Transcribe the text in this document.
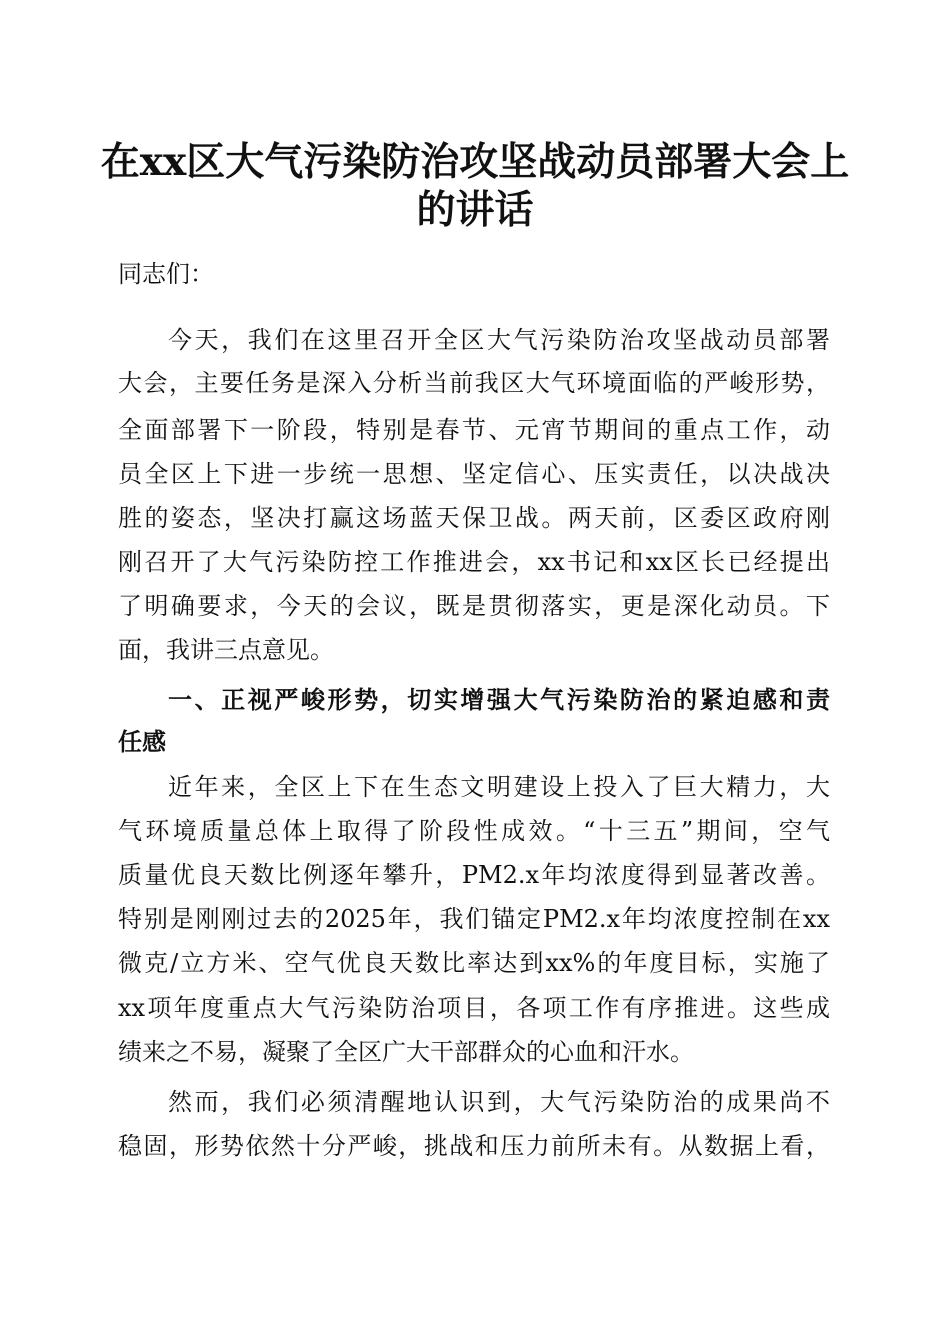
在xx区大气污染防治攻坚战动员部署大会上
的讲话

同志们：

今天，我们在这里召开全区大气污染防治攻坚战动员部署

大会，主要任务是深入分析当前我区大气环境面临的严峻形势，

全面部署下一阶段，特别是春节、元宵节期间的重点工作，动

员全区上下进一步统一思想、坚定信心、压实责任，以决战决

胜的姿态，坚决打赢这场蓝天保卫战。两天前，区委区政府刚

刚召开了大气污染防控工作推进会，xx书记和xx区长已经提出

了明确要求，今天的会议，既是贯彻落实，更是深化动员。下

面，我讲三点意见。

一、正视严峻形势，切实增强大气污染防治的紧迫感和责

任感

近年来，全区上下在生态文明建设上投入了巨大精力，大

气环境质量总体上取得了阶段性成效。“十三五”期间，空气

质量优良天数比例逐年攀升，PM2.x年均浓度得到显著改善。

特别是刚刚过去的2025年，我们锚定PM2.x年均浓度控制在xx

微克/立方米、空气优良天数比率达到xx%的年度目标，实施了

xx项年度重点大气污染防治项目，各项工作有序推进。这些成

绩来之不易，凝聚了全区广大干部群众的心血和汗水。

然而，我们必须清醒地认识到，大气污染防治的成果尚不

稳固，形势依然十分严峻，挑战和压力前所未有。从数据上看，
